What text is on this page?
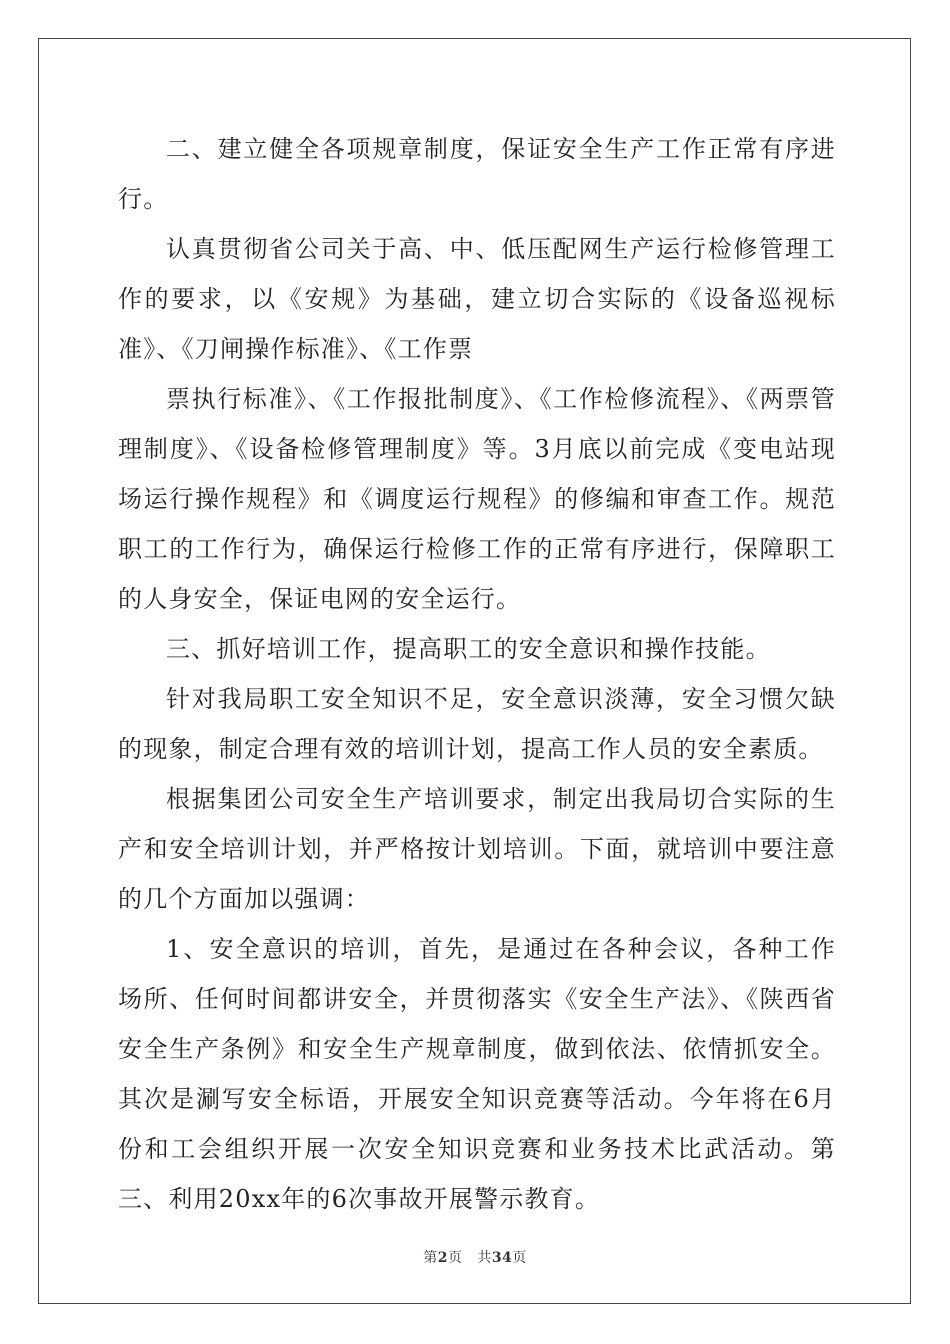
二、建立健全各项规章制度，保证安全生产工作正常有序进行。

认真贯彻省公司关于高、中、低压配网生产运行检修管理工作的要求，以《安规》为基础，建立切合实际的《设备巡视标准》、《刀闸操作标准》、《工作票

票执行标准》、《工作报批制度》、《工作检修流程》、《两票管理制度》、《设备检修管理制度》等。3月底以前完成《变电站现场运行操作规程》和《调度运行规程》的修编和审查工作。规范职工的工作行为，确保运行检修工作的正常有序进行，保障职工的人身安全，保证电网的安全运行。

三、抓好培训工作，提高职工的安全意识和操作技能。

针对我局职工安全知识不足，安全意识淡薄，安全习惯欠缺的现象，制定合理有效的培训计划，提高工作人员的安全素质。

根据集团公司安全生产培训要求，制定出我局切合实际的生产和安全培训计划，并严格按计划培训。下面，就培训中要注意的几个方面加以强调：

1、安全意识的培训，首先，是通过在各种会议，各种工作场所、任何时间都讲安全，并贯彻落实《安全生产法》、《陕西省安全生产条例》和安全生产规章制度，做到依法、依情抓安全。其次是涮写安全标语，开展安全知识竞赛等活动。今年将在6月份和工会组织开展一次安全知识竞赛和业务技术比武活动。第三、利用20xx年的6次事故开展警示教育。

第2页 共34页
